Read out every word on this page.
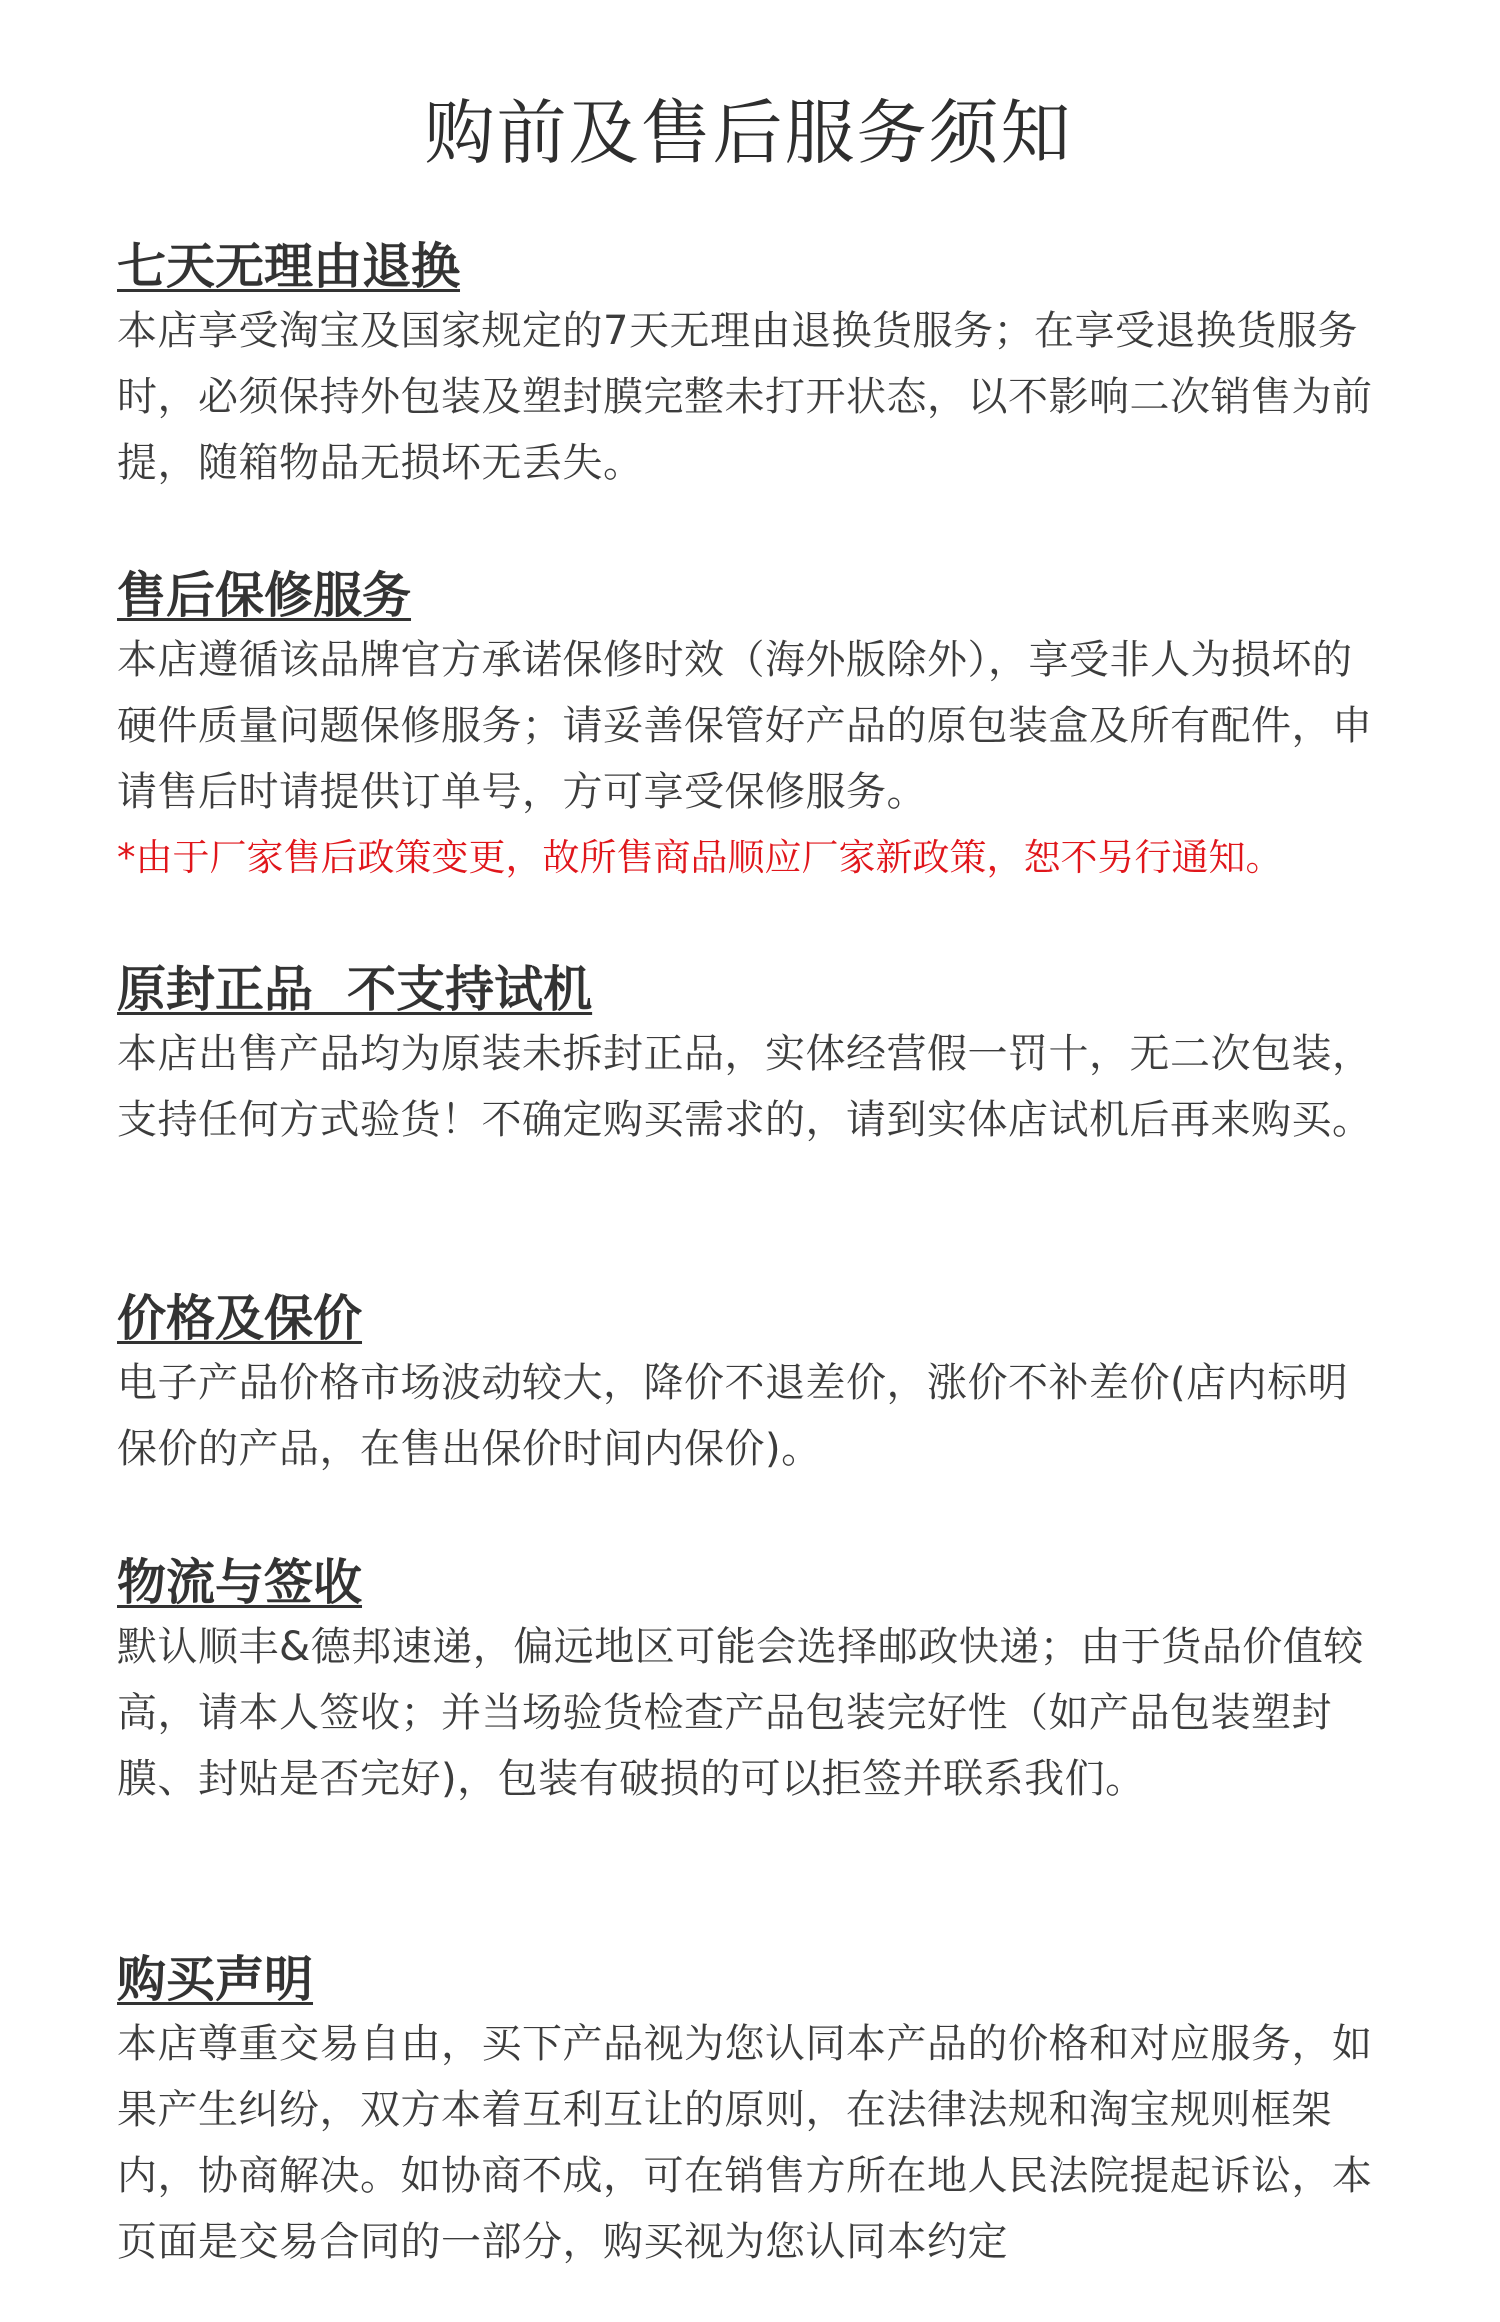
购前及售后服务须知
七天无理由退换

本店享受淘宝及国家规定的7天无理由退换货服务；在享受退换货服务时，必须保持外包装及塑封膜完整未打开状态，以不影响二次销售为前提，随箱物品无损坏无丢失。

售后保修服务

本店遵循该品牌官方承诺保修时效（海外版除外），享受非人为损坏的硬件质量问题保修服务；请妥善保管好产品的原包装盒及所有配件，申请售后时请提供订单号，方可享受保修服务。

*由于厂家售后政策变更，故所售商品顺应厂家新政策，恕不另行通知。

原封正品  不支持试机

本店出售产品均为原装未拆封正品，实体经营假一罚十，无二次包装，支持任何方式验货！不确定购买需求的，请到实体店试机后再来购买。

价格及保价

电子产品价格市场波动较大，降价不退差价，涨价不补差价(店内标明保价的产品，在售出保价时间内保价)。

物流与签收

默认顺丰&德邦速递，偏远地区可能会选择邮政快递；由于货品价值较高，请本人签收；并当场验货检查产品包装完好性（如产品包装塑封膜、封贴是否完好)，包装有破损的可以拒签并联系我们。

购买声明

本店尊重交易自由，买下产品视为您认同本产品的价格和对应服务，如果产生纠纷，双方本着互利互让的原则，在法律法规和淘宝规则框架内，协商解决。如协商不成，可在销售方所在地人民法院提起诉讼，本页面是交易合同的一部分，购买视为您认同本约定
